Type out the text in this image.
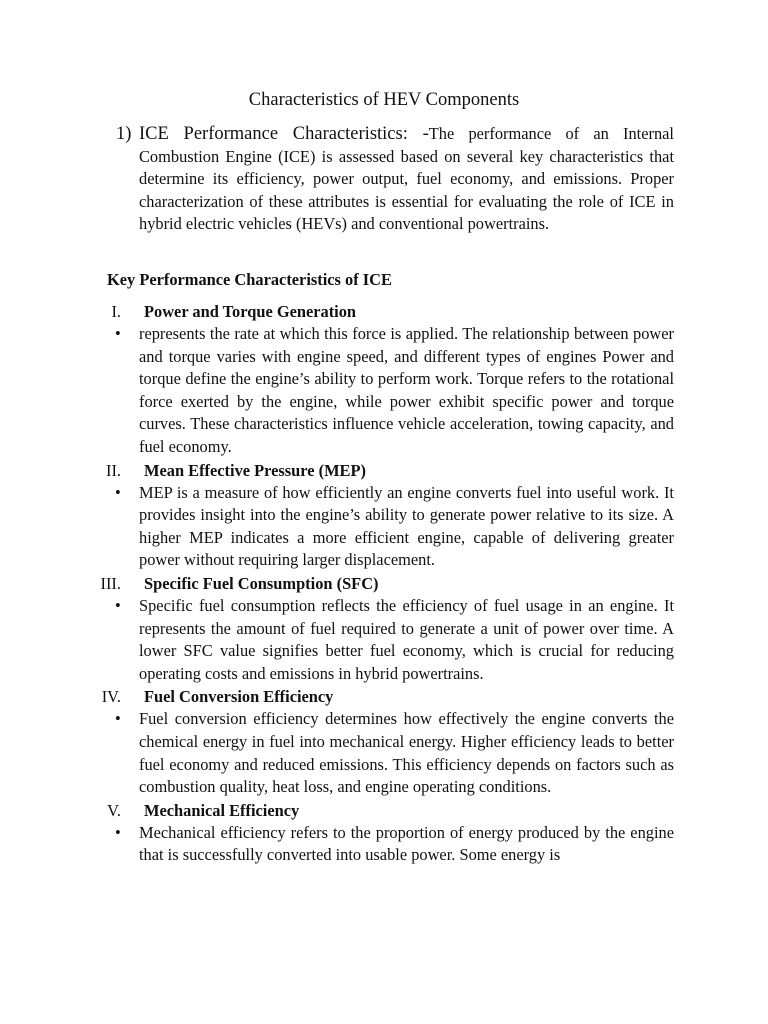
Characteristics of HEV Components
1) ICE Performance Characteristics: -The performance of an Internal Combustion Engine (ICE) is assessed based on several key characteristics that determine its efficiency, power output, fuel economy, and emissions. Proper characterization of these attributes is essential for evaluating the role of ICE in hybrid electric vehicles (HEVs) and conventional powertrains.

Key Performance Characteristics of ICE
I. Power and Torque Generation
• represents the rate at which this force is applied. The relationship between power and torque varies with engine speed, and different types of engines Power and torque define the engine’s ability to perform work. Torque refers to the rotational force exerted by the engine, while power exhibit specific power and torque curves. These characteristics influence vehicle acceleration, towing capacity, and fuel economy.

II. Mean Effective Pressure (MEP)
• MEP is a measure of how efficiently an engine converts fuel into useful work. It provides insight into the engine’s ability to generate power relative to its size. A higher MEP indicates a more efficient engine, capable of delivering greater power without requiring larger displacement.

III. Specific Fuel Consumption (SFC)
• Specific fuel consumption reflects the efficiency of fuel usage in an engine. It represents the amount of fuel required to generate a unit of power over time. A lower SFC value signifies better fuel economy, which is crucial for reducing operating costs and emissions in hybrid powertrains.

IV. Fuel Conversion Efficiency
• Fuel conversion efficiency determines how effectively the engine converts the chemical energy in fuel into mechanical energy. Higher efficiency leads to better fuel economy and reduced emissions. This efficiency depends on factors such as combustion quality, heat loss, and engine operating conditions.

V. Mechanical Efficiency
• Mechanical efficiency refers to the proportion of energy produced by the engine that is successfully converted into usable power. Some energy is
